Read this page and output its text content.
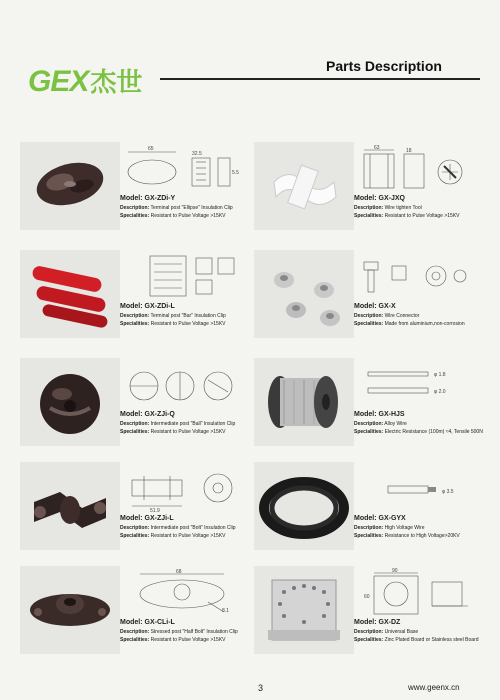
GEX杰世
Parts Description
65
32.5
5.5
Model: GX-ZDi-Y
Description: Terminal post "Ellipse" Insulation Clip
Specialities: Resistant to Pulse Voltage >15KV
63	18
Model: GX-JXQ
Description: Wire tighten Tool
Specialities: Resistant to Pulse Voltage >15KV
Model: GX-ZDi-L
Description: Terminal post "Bar" Insulation Clip
Specialities: Resistant to Pulse Voltage >15KV
Model: GX-X
Description: Wire Connector
Specialities: Made from aluminium,non-corrosion
Model: GX-ZJi-Q
Description: Intermediate post "Ball" Insulation Clip
Specialities: Resistant to Pulse Voltage >15KV
φ 1.8
φ 2.0
Model: GX-HJS
Description: Alloy Wire
Specialities: Electric Resistance (100m) ≈4, Tensile 500N
51.9
Model: GX-ZJi-L
Description: Intermediate post "Bolt" Insulation Clip
Specialities: Resistant to Pulse Voltage >15KV
φ 3.5
Model: GX-GYX
Description: High Voltage Wire
Specialities: Resistance to High Voltage>20KV
68
8.1
Model: GX-CLi-L
Description: Stressed post "Half Bolt" Insulation Clip
Specialities: Resistant to Pulse Voltage >15KV
90
60
Model: GX-DZ
Description: Universal Base
Specialities: Zinc Plated Board or Stainless steel Board
3	www.geenx.cn
